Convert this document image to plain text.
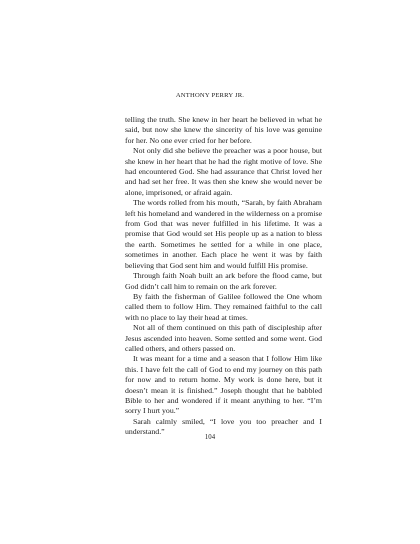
ANTHONY PERRY JR.

telling the truth. She knew in her heart he believed in what he said, but now she knew the sincerity of his love was genuine for her. No one ever cried for her before.

Not only did she believe the preacher was a poor house, but she knew in her heart that he had the right motive of love. She had encountered God. She had assurance that Christ loved her and had set her free. It was then she knew she would never be alone, imprisoned, or afraid again.

The words rolled from his mouth, “Sarah, by faith Abraham left his homeland and wandered in the wilderness on a promise from God that was never fulfilled in his lifetime. It was a promise that God would set His people up as a nation to bless the earth. Sometimes he settled for a while in one place, sometimes in another. Each place he went it was by faith believing that God sent him and would fulfill His promise.

Through faith Noah built an ark before the flood came, but God didn’t call him to remain on the ark forever.

By faith the fisherman of Galilee followed the One whom called them to follow Him. They remained faithful to the call with no place to lay their head at times.

Not all of them continued on this path of discipleship after Jesus ascended into heaven. Some settled and some went. God called others, and others passed on.

It was meant for a time and a season that I follow Him like this. I have felt the call of God to end my journey on this path for now and to return home. My work is done here, but it doesn’t mean it is finished.” Joseph thought that he babbled Bible to her and wondered if it meant anything to her. “I’m sorry I hurt you.”

Sarah calmly smiled, “I love you too preacher and I understand.”

104
